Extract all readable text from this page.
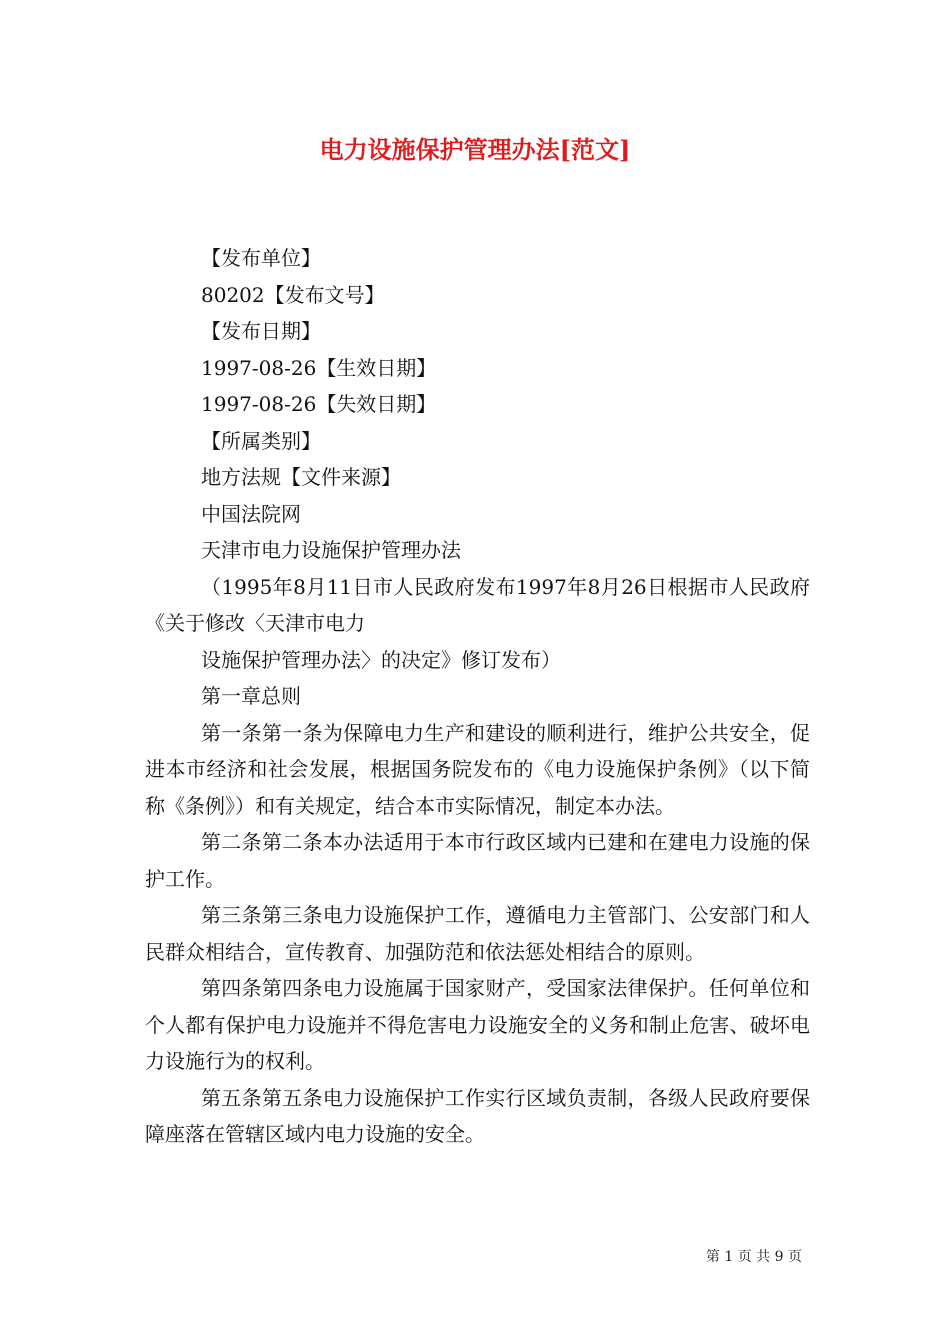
电力设施保护管理办法[范文]

【发布单位】

80202【发布文号】

【发布日期】

1997-08-26【生效日期】

1997-08-26【失效日期】

【所属类别】

地方法规【文件来源】

中国法院网

天津市电力设施保护管理办法

（1995年8月11日市人民政府发布1997年8月26日根据市人民政府《关于修改〈天津市电力

设施保护管理办法〉的决定》修订发布）

第一章总则

第一条第一条为保障电力生产和建设的顺利进行，维护公共安全，促进本市经济和社会发展，根据国务院发布的《电力设施保护条例》（以下简称《条例》）和有关规定，结合本市实际情况，制定本办法。

第二条第二条本办法适用于本市行政区域内已建和在建电力设施的保护工作。

第三条第三条电力设施保护工作，遵循电力主管部门、公安部门和人民群众相结合，宣传教育、加强防范和依法惩处相结合的原则。

第四条第四条电力设施属于国家财产，受国家法律保护。任何单位和个人都有保护电力设施并不得危害电力设施安全的义务和制止危害、破坏电力设施行为的权利。

第五条第五条电力设施保护工作实行区域负责制，各级人民政府要保障座落在管辖区域内电力设施的安全。

第 1 页 共 9 页
